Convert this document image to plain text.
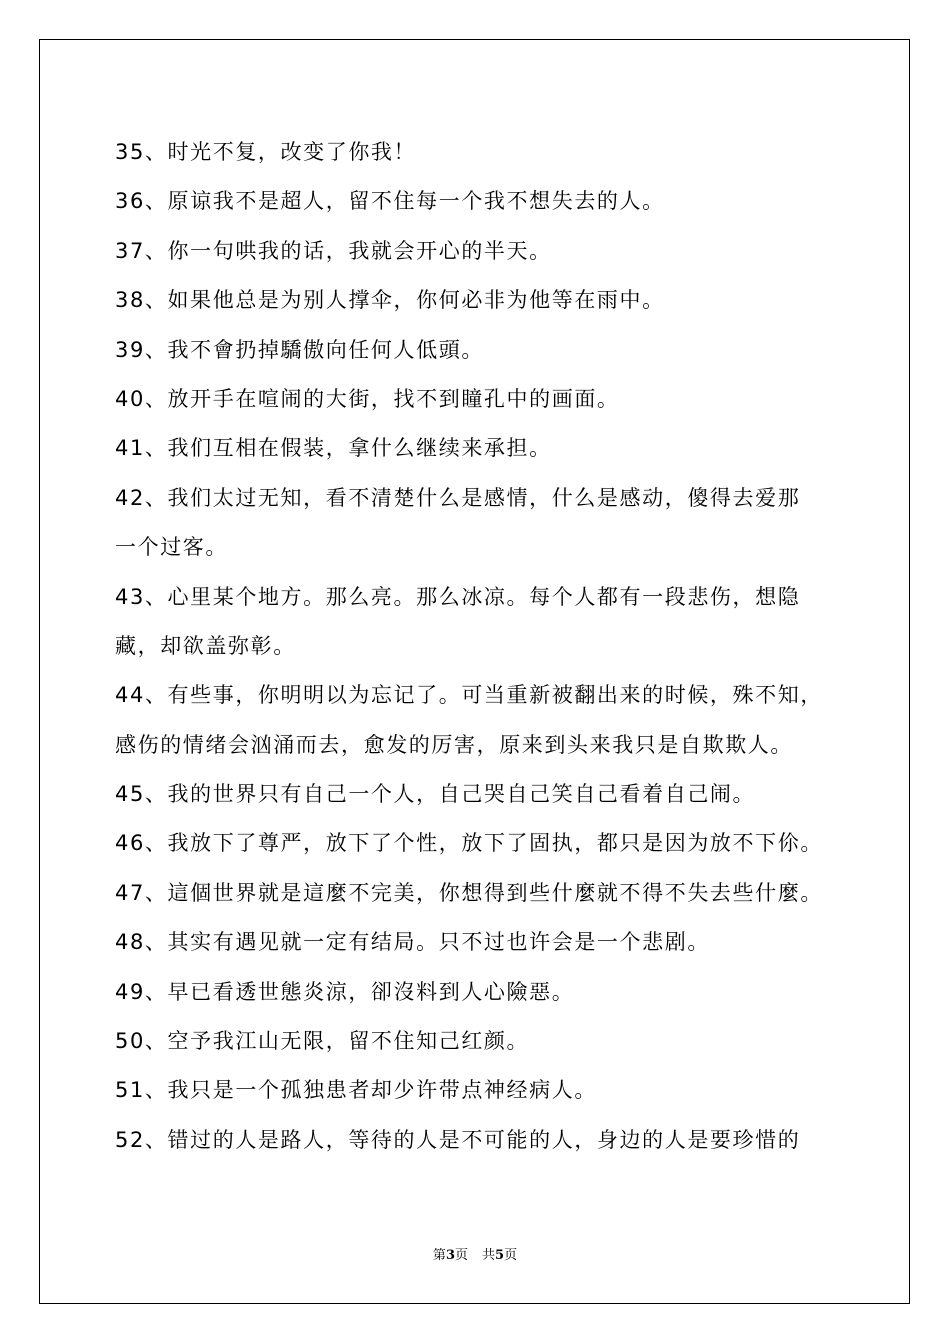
35、时光不复，改变了你我！
36、原谅我不是超人，留不住每一个我不想失去的人。
37、你一句哄我的话，我就会开心的半天。
38、如果他总是为别人撑伞，你何必非为他等在雨中。
39、我不會扔掉驕傲向任何人低頭。
40、放开手在喧闹的大街，找不到瞳孔中的画面。
41、我们互相在假装，拿什么继续来承担。
42、我们太过无知，看不清楚什么是感情，什么是感动，傻得去爱那
一个过客。
43、心里某个地方。那么亮。那么冰凉。每个人都有一段悲伤，想隐
藏，却欲盖弥彰。
44、有些事，你明明以为忘记了。可当重新被翻出来的时候，殊不知，
感伤的情绪会汹涌而去，愈发的厉害，原来到头来我只是自欺欺人。
45、我的世界只有自己一个人，自己哭自己笑自己看着自己闹。
46、我放下了尊严，放下了个性，放下了固执，都只是因为放不下伱。
47、這個世界就是這麼不完美，你想得到些什麼就不得不失去些什麼。
48、其实有遇见就一定有结局。只不过也许会是一个悲剧。
49、早已看透世態炎涼，卻沒料到人心險惡。
50、空予我江山无限，留不住知己红颜。
51、我只是一个孤独患者却少许带点神经病人。
52、错过的人是路人，等待的人是不可能的人，身边的人是要珍惜的
第3页 共5页
